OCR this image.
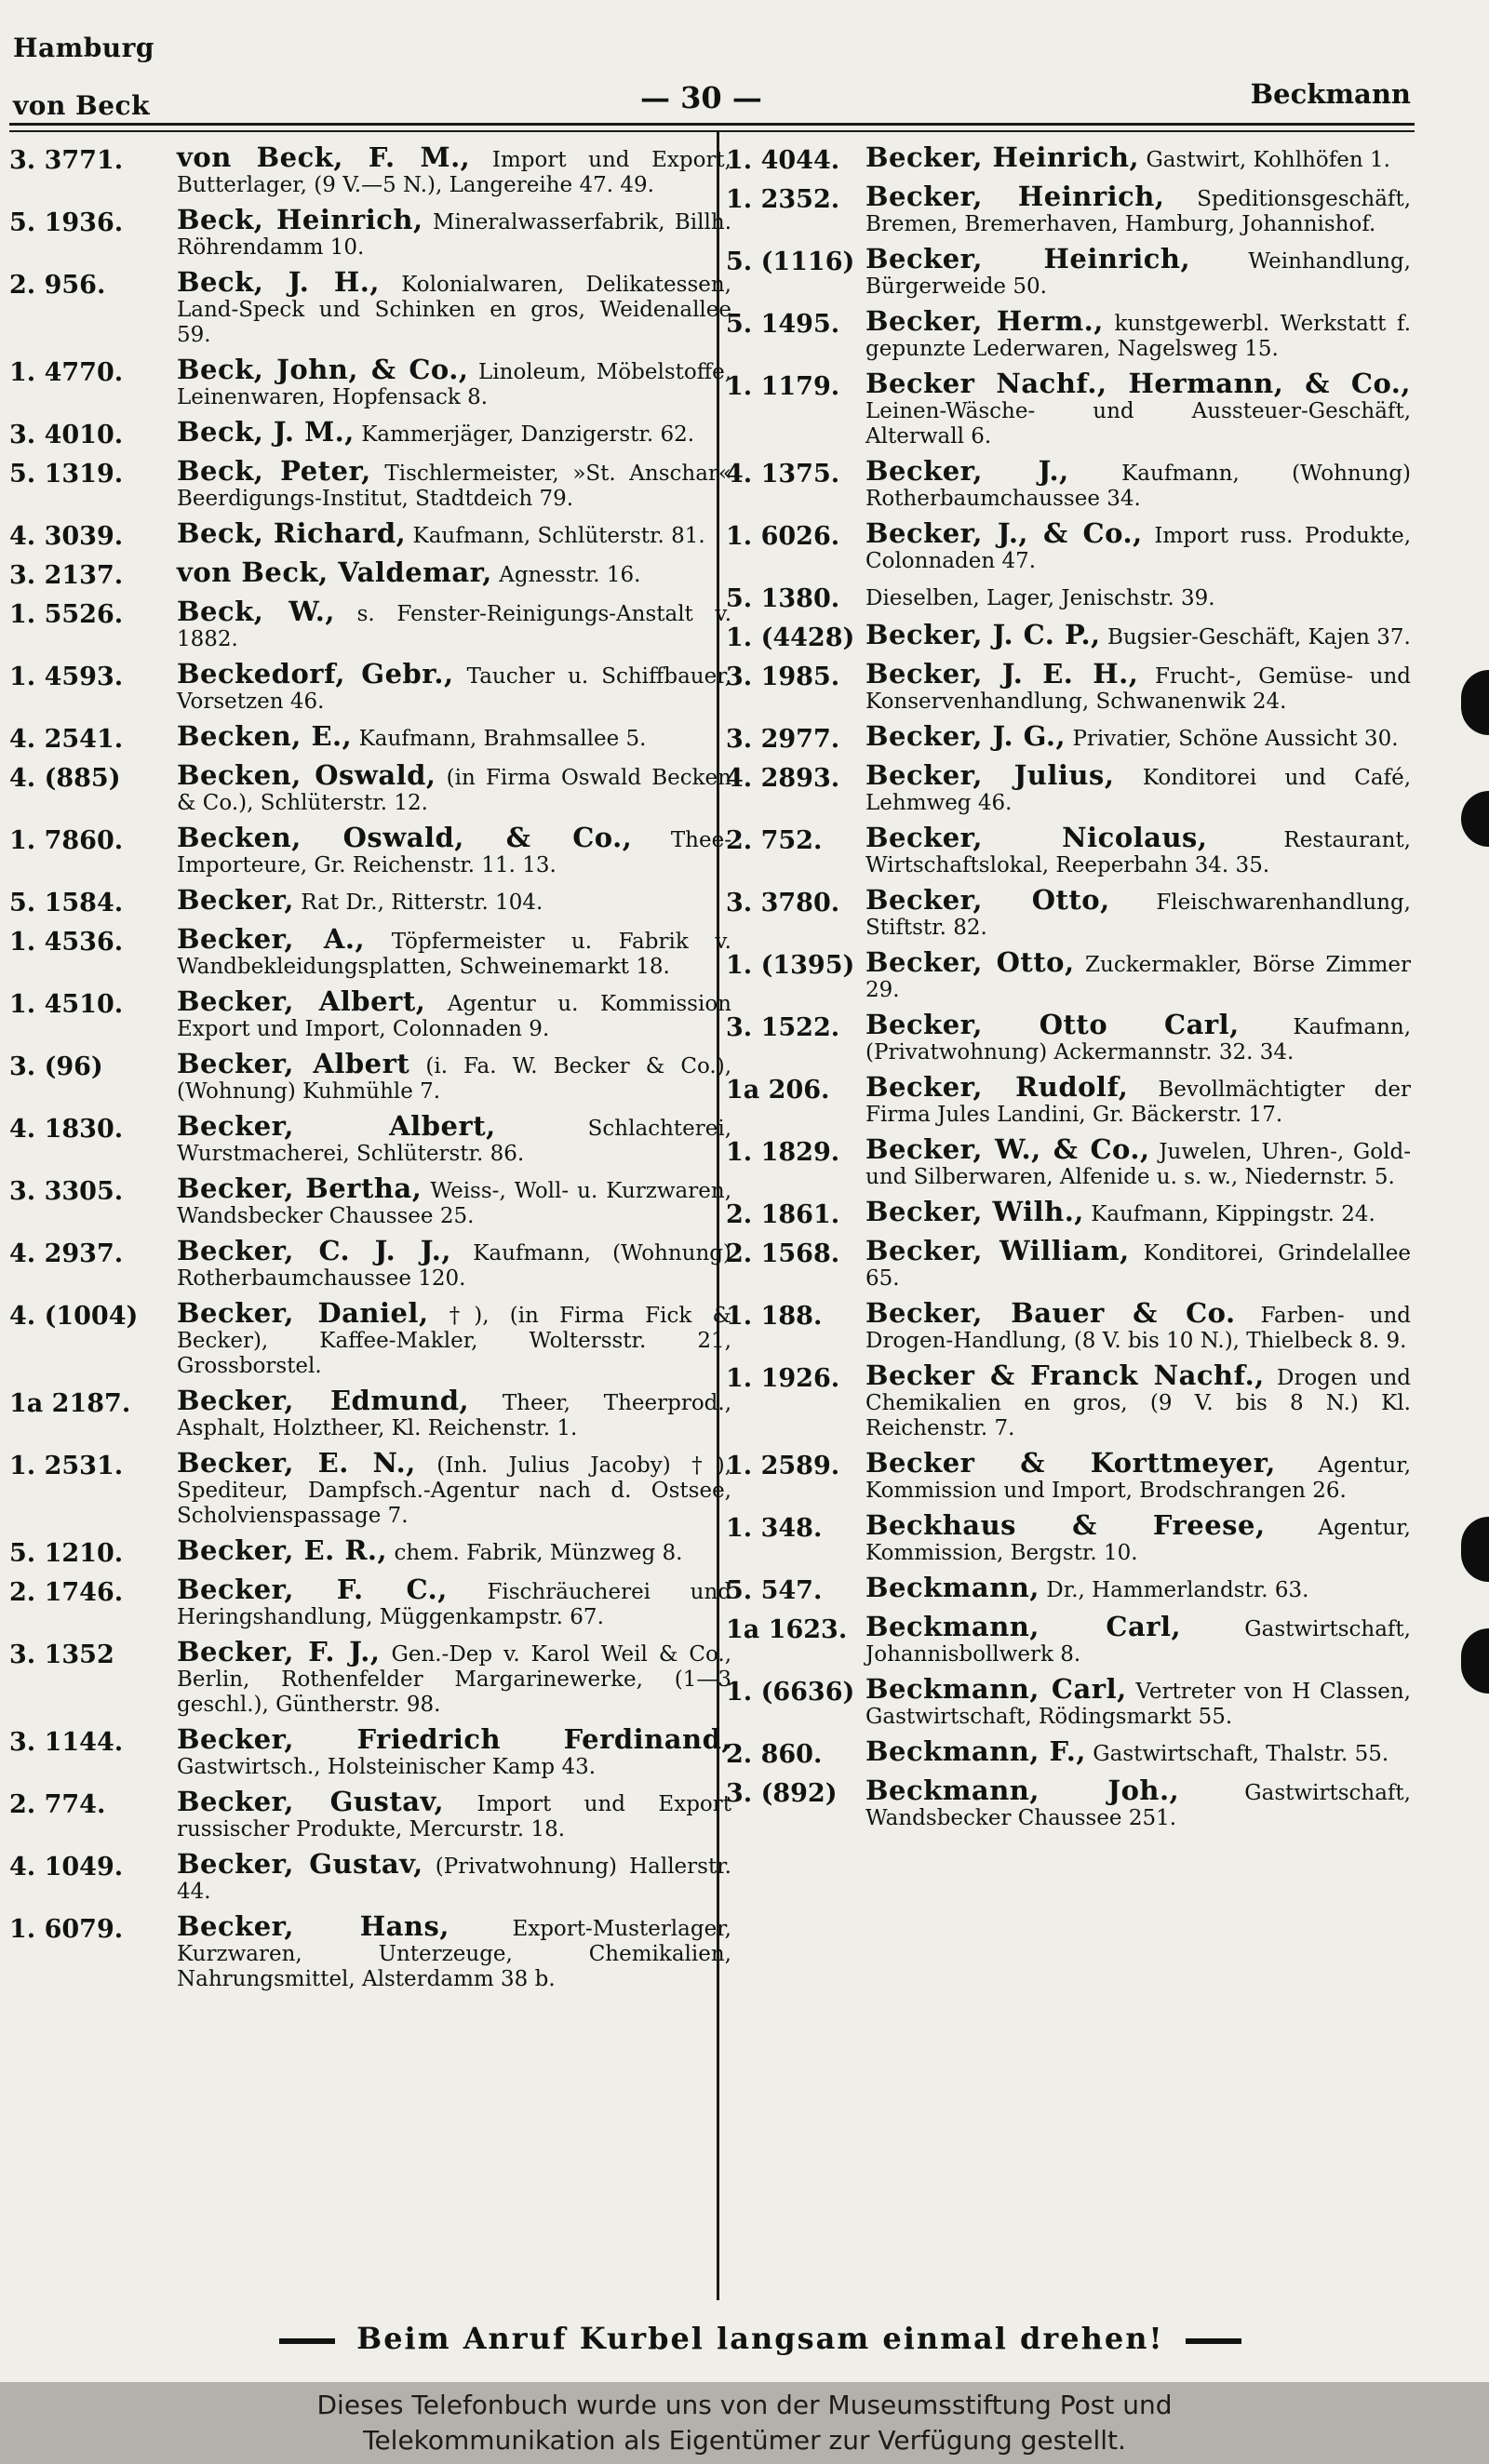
Hamburg
von Beck	— 30 —	Beckmann
3. 3771.	von Beck, F. M., Import und Export, Butterlager, (9 V.—5 N.), Langereihe 47. 49.
5. 1936.	Beck, Heinrich, Mineralwasserfabrik, Billh. Röhrendamm 10.
2. 956.	Beck, J. H., Kolonialwaren, Delikatessen, Land-Speck und Schinken en gros, Weidenallee 59.
1. 4770.	Beck, John, & Co., Linoleum, Möbelstoffe, Leinenwaren, Hopfensack 8.
3. 4010.	Beck, J. M., Kammerjäger, Danzigerstr. 62.
5. 1319.	Beck, Peter, Tischlermeister, »St. Anschar« Beerdigungs-Institut, Stadtdeich 79.
4. 3039.	Beck, Richard, Kaufmann, Schlüterstr. 81.
3. 2137.	von Beck, Valdemar, Agnesstr. 16.
1. 5526.	Beck, W., s. Fenster-Reinigungs-Anstalt v. 1882.
1. 4593.	Beckedorf, Gebr., Taucher u. Schiffbauer, Vorsetzen 46.
4. 2541.	Becken, E., Kaufmann, Brahmsallee 5.
4. (885)	Becken, Oswald, (in Firma Oswald Becken & Co.), Schlüterstr. 12.
1. 7860.	Becken, Oswald, & Co., Thee-Importeure, Gr. Reichenstr. 11. 13.
5. 1584.	Becker, Rat Dr., Ritterstr. 104.
1. 4536.	Becker, A., Töpfermeister u. Fabrik v. Wandbekleidungsplatten, Schweinemarkt 18.
1. 4510.	Becker, Albert, Agentur u. Kommission Export und Import, Colonnaden 9.
3. (96)	Becker, Albert (i. Fa. W. Becker & Co.), (Wohnung) Kuhmühle 7.
4. 1830.	Becker, Albert,	Schlachterei, Wurstmacherei, Schlüterstr. 86.
3. 3305.	Becker, Bertha, Weiss-, Woll- u. Kurzwaren, Wandsbecker Chaussee 25.
4. 2937.	Becker, C. J. J., Kaufmann, (Wohnung) Rotherbaumchaussee 120.
4. (1004)	Becker, Daniel, †), (in Firma Fick & Becker), Kaffee-Makler, Woltersstr. 21, Grossborstel.
1a 2187.	Becker, Edmund, Theer, Theerprod., Asphalt, Holztheer, Kl. Reichenstr. 1.
1. 2531.	Becker, E. N., (Inh. Julius Jacoby) †), Spediteur, Dampfsch.-Agentur nach d. Ostsee, Scholvienspassage 7.
5. 1210.	Becker, E. R., chem. Fabrik, Münzweg 8.
2. 1746.	Becker, F. C., Fischräucherei und Heringshandlung, Müggenkampstr. 67.
3. 1352	Becker, F. J., Gen.-Dep v. Karol Weil & Co., Berlin, Rothenfelder Margarinewerke, (1—3 geschl.), Güntherstr. 98.
3. 1144.	Becker, Friedrich Ferdinand, Gastwirtsch., Holsteinischer Kamp 43.
2. 774.	Becker, Gustav, Import und Export russischer Produkte, Mercurstr. 18.
4. 1049.	Becker, Gustav, (Privatwohnung) Hallerstr. 44.
1. 6079.	Becker, Hans,	Export-Musterlager, Kurzwaren, Unterzeuge, Chemikalien, Nahrungsmittel, Alsterdamm 38 b.
1. 4044. Becker, Heinrich, Gastwirt, Kohlhöfen 1.
1. 2352. Becker, Heinrich, Speditionsgeschäft, Bremen, Bremerhaven, Hamburg, Johannishof.
5. (1116) Becker, Heinrich,	Weinhandlung, Bürgerweide 50.
5. 1495. Becker, Herm., kunstgewerbl. Werkstatt f. gepunzte Lederwaren, Nagelsweg 15.
1. 1179. Becker Nachf., Hermann, & Co., Leinen-Wäsche- und Aussteuer-Geschäft, Alterwall 6.
4. 1375. Becker, J., Kaufmann, (Wohnung) Rotherbaumchaussee 34.
1. 6026. Becker, J., & Co., Import russ. Produkte, Colonnaden 47.
5. 1380.	Dieselben, Lager, Jenischstr. 39.
1. (4428) Becker, J. C. P., Bugsier-Geschäft, Kajen 37.
3. 1985. Becker, J. E. H., Frucht-, Gemüse- und Konservenhandlung, Schwanenwik 24.
3. 2977. Becker, J. G., Privatier, Schöne Aussicht 30.
4. 2893. Becker, Julius, Konditorei und Café, Lehmweg 46.
2. 752.	Becker, Nicolaus,	Restaurant, Wirtschaftslokal, Reeperbahn 34. 35.
3. 3780. Becker, Otto, Fleischwarenhandlung, Stiftstr. 82.
1. (1395) Becker, Otto, Zuckermakler, Börse Zimmer 29.
3. 1522. Becker, Otto Carl,	Kaufmann, (Privatwohnung) Ackermannstr. 32. 34.
1a 206.	Becker, Rudolf, Bevollmächtigter der Firma Jules Landini, Gr. Bäckerstr. 17.
1. 1829. Becker, W., & Co., Juwelen, Uhren-, Gold- und Silberwaren, Alfenide u. s. w., Niedernstr. 5.
2. 1861. Becker, Wilh., Kaufmann, Kippingstr. 24.
2. 1568. Becker, William, Konditorei, Grindelallee 65.
1. 188.	Becker, Bauer & Co. Farben- und Drogen-Handlung, (8 V. bis 10 N.), Thielbeck 8. 9.
1. 1926. Becker & Franck Nachf., Drogen und Chemikalien en gros, (9 V. bis 8 N.) Kl. Reichenstr. 7.
1. 2589. Becker & Korttmeyer, Agentur, Kommission und Import, Brodschrangen 26.
1. 348.	Beckhaus & Freese, Agentur, Kommission, Bergstr. 10.
5. 547.	Beckmann, Dr., Hammerlandstr. 63.
1a 1623. Beckmann, Carl,	Gastwirtschaft, Johannisbollwerk 8.
1. (6636) Beckmann, Carl, Vertreter von H Classen, Gastwirtschaft, Rödingsmarkt 55.
2. 860.	Beckmann, F., Gastwirtschaft, Thalstr. 55.
3. (892)	Beckmann, Joh.,	Gastwirtschaft, Wandsbecker Chaussee 251.
Beim Anruf Kurbel langsam einmal drehen!
Dieses Telefonbuch wurde uns von der Museumsstiftung Post und
Telekommunikation als Eigentümer zur Verfügung gestellt.
